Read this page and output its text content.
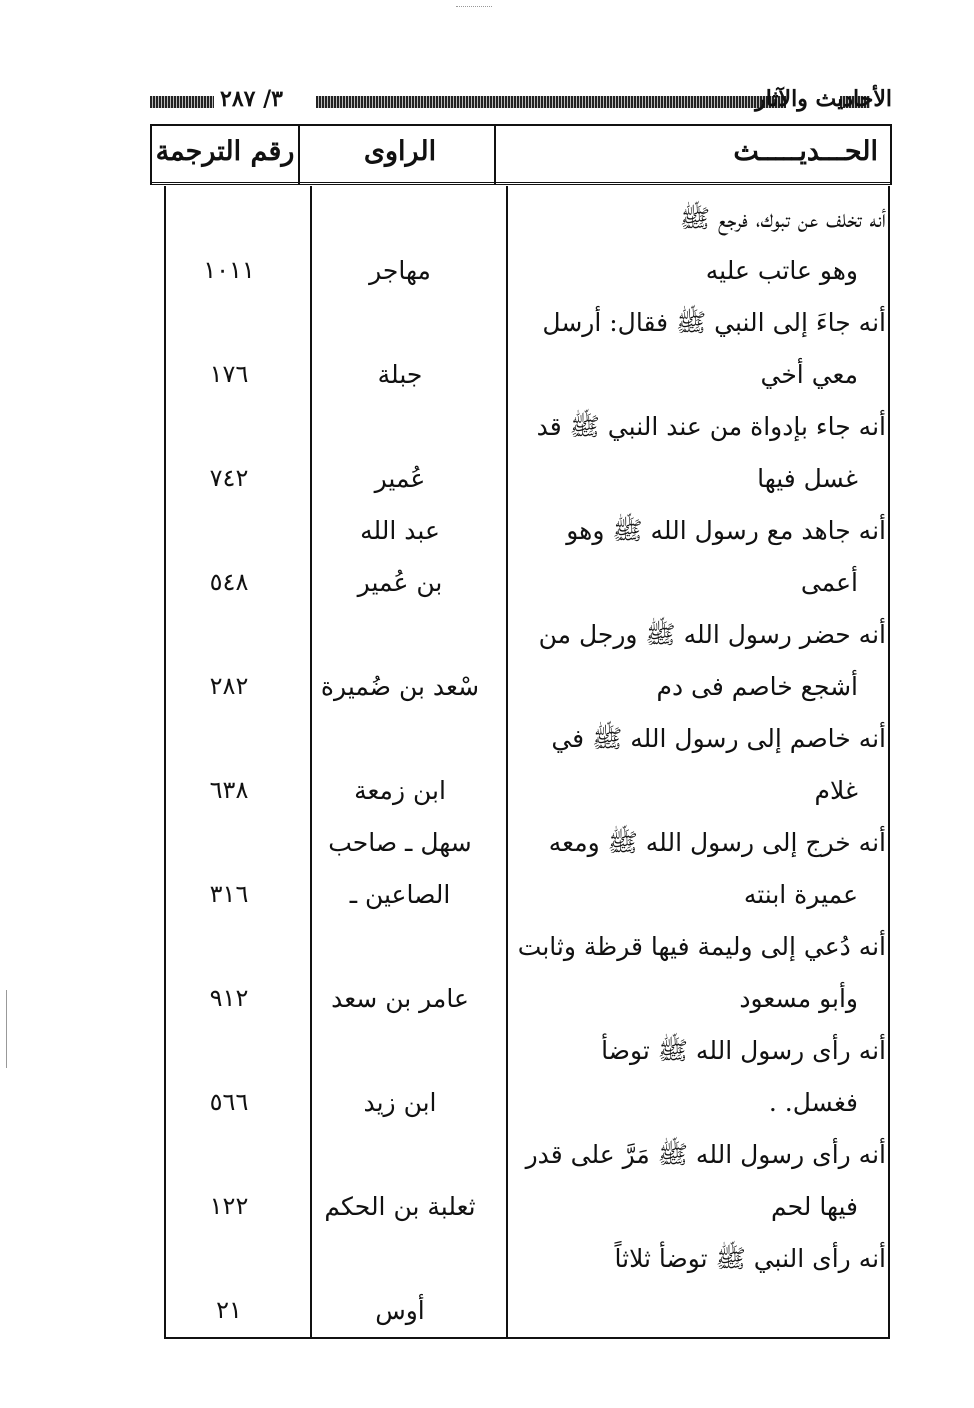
٣/ ٢٨٧	الأحاديث والآثار
الحـــديـــــث
الراوى
رقم الترجمة
أنه تخلف عن تبوك، فرجع ﷺ
وهو عاتب عليه
مهاجر
١٠١١
أنه جاءَ إلى النبي ﷺ فقال: أرسل
معي أخي
جبلة
١٧٦
أنه جاء بإدواة من عند النبي ﷺ قد
غسل فيها
عُمير
٧٤٢
أنه جاهد مع رسول الله ﷺ وهو
أعمى
عبد الله
بن عُمير
٥٤٨
أنه حضر رسول الله ﷺ ورجل من
أشجع خاصم فى دم
سْعد بن ضُميرة
٢٨٢
أنه خاصم إلى رسول الله ﷺ في
غلام
ابن زمعة
٦٣٨
أنه خرج إلى رسول الله ﷺ ومعه
عميرة ابنته
سهل ـ صاحب
الصاعين ـ
٣١٦
أنه دُعي إلى وليمة فيها قرظة وثابت
وأبو مسعود
عامر بن سعد
٩١٢
أنه رأى رسول الله ﷺ توضأ
فغسل. .
ابن زيد
٥٦٦
أنه رأى رسول الله ﷺ مَرَّ على قدر
فيها لحم
ثعلبة بن الحكم
١٢٢
أنه رأى النبي ﷺ توضأ ثلاثاً
أوس
٢١
